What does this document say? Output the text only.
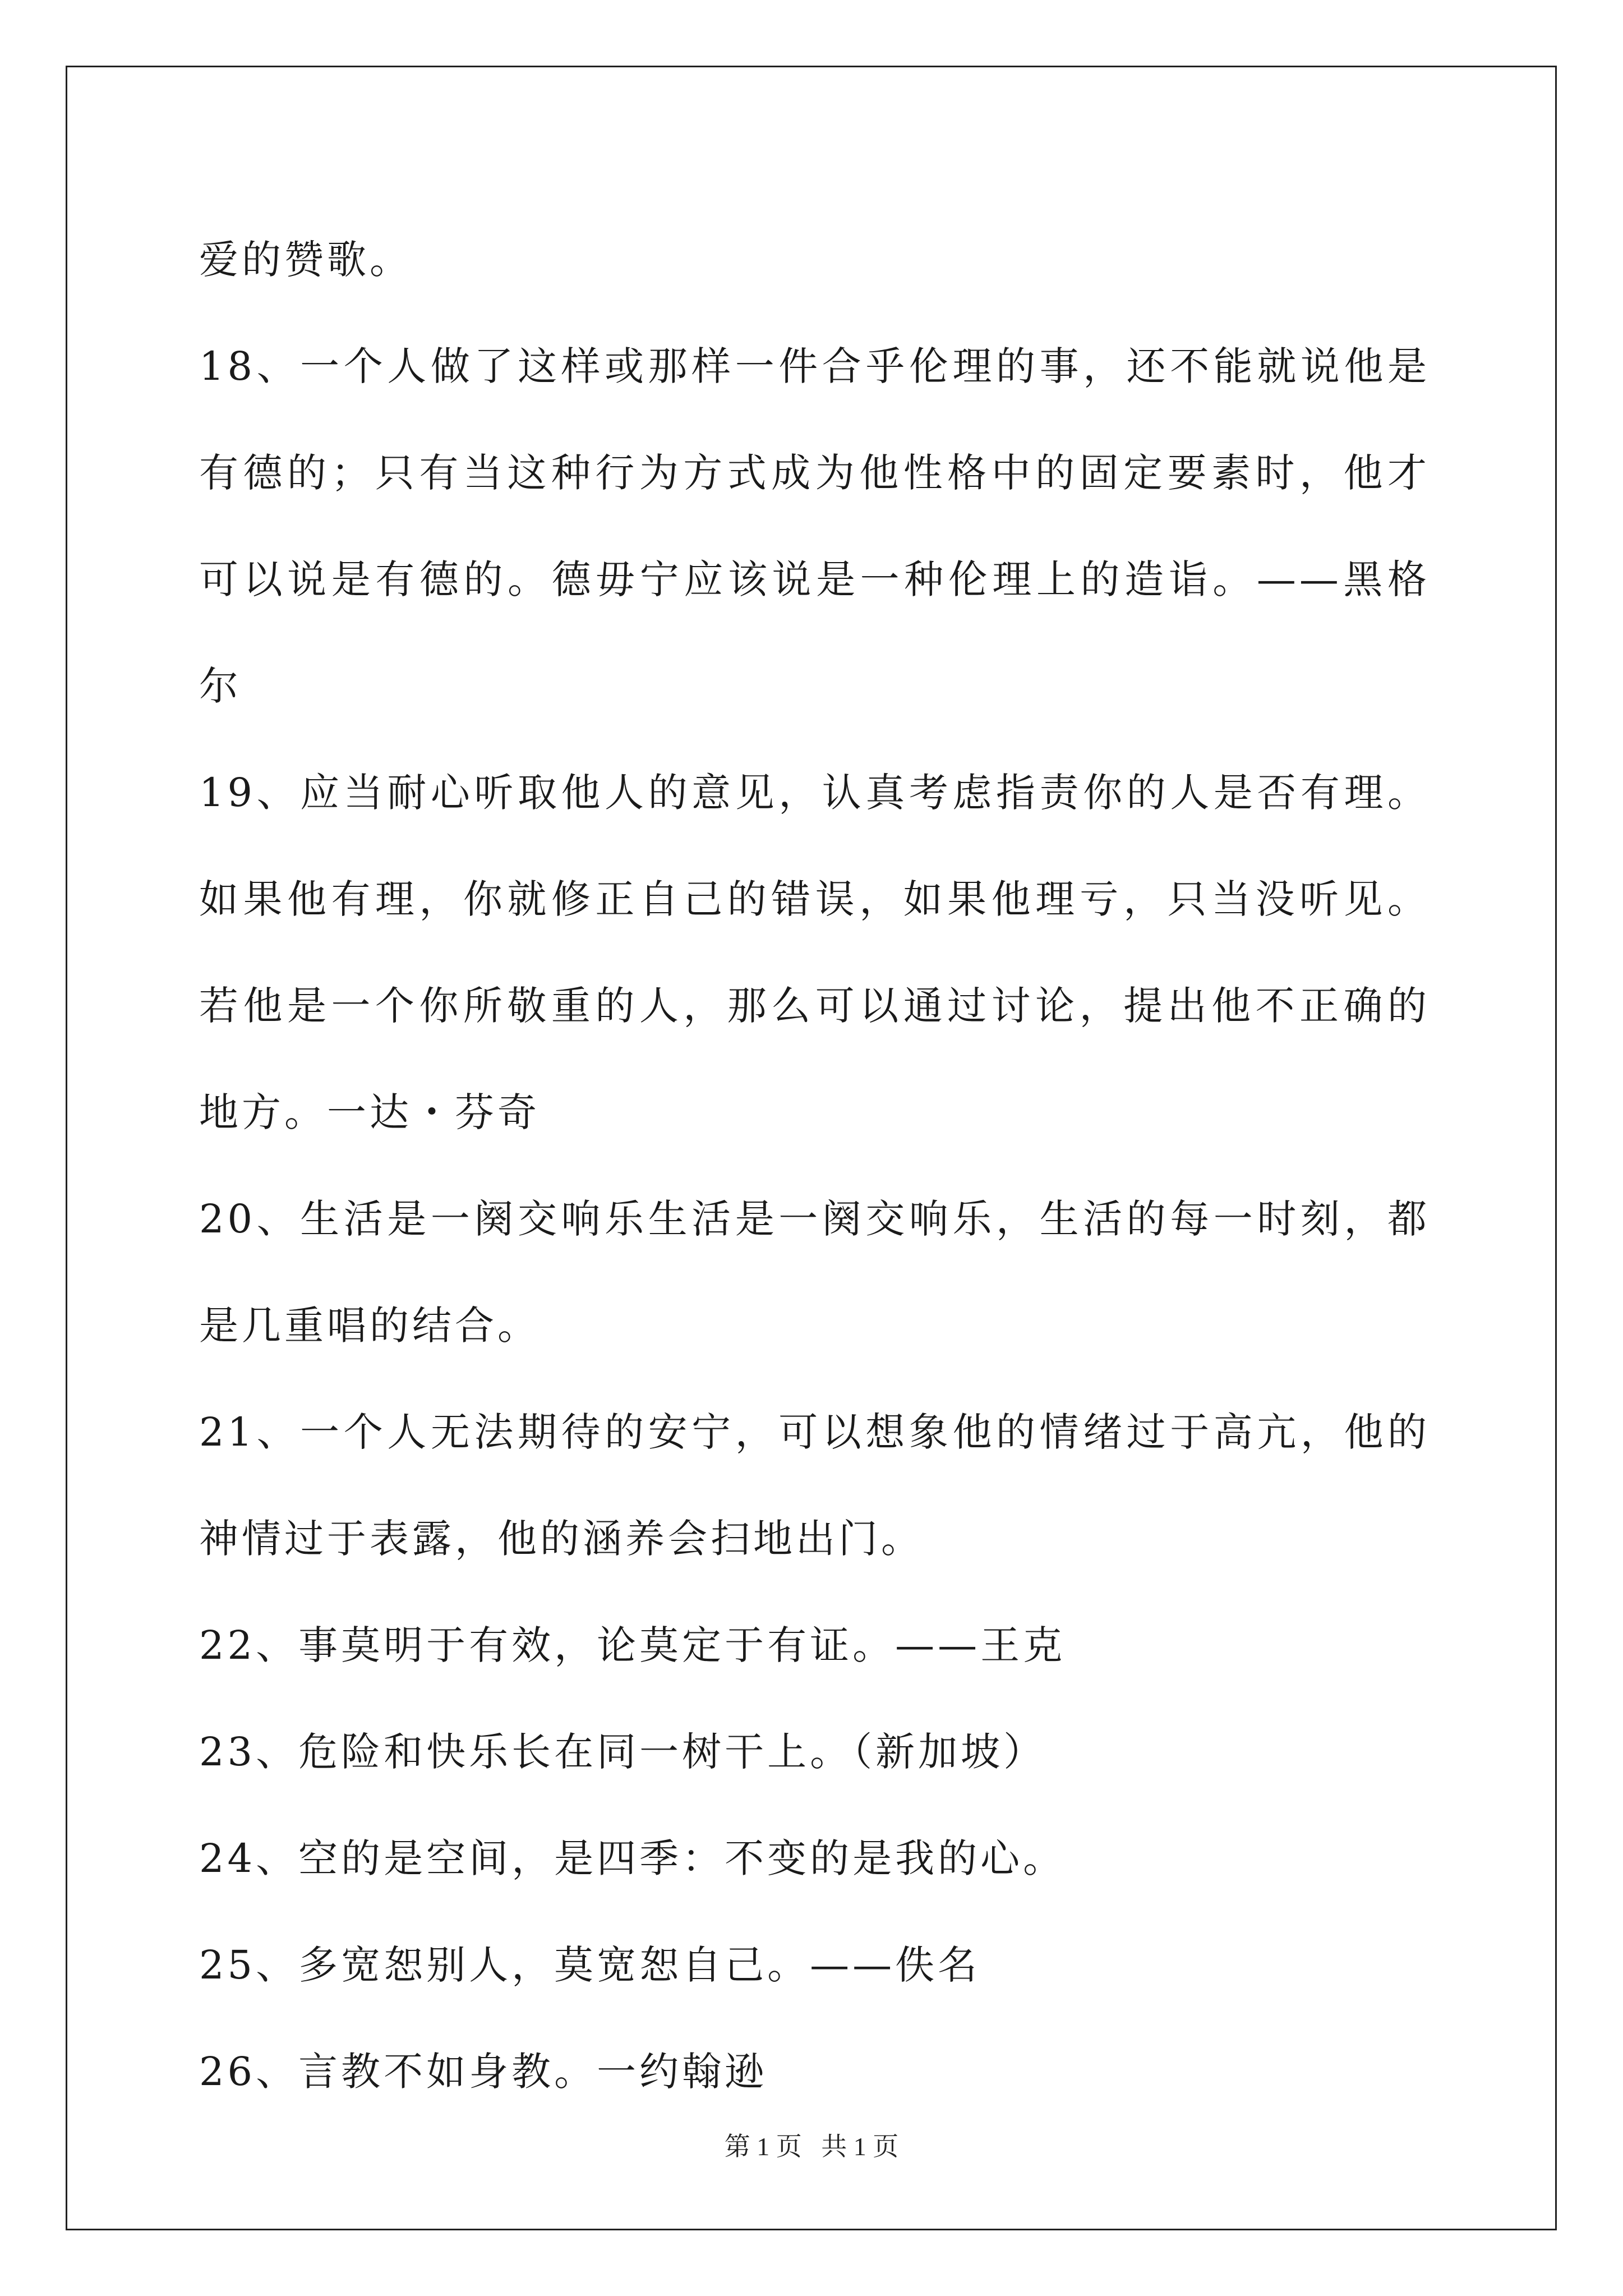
爱的赞歌。

18、一个人做了这样或那样一件合乎伦理的事，还不能就说他是有德的；只有当这种行为方式成为他性格中的固定要素时，他才可以说是有德的。德毋宁应该说是一种伦理上的造诣。——黑格尔

19、应当耐心听取他人的意见，认真考虑指责你的人是否有理。如果他有理，你就修正自己的错误，如果他理亏，只当没听见。若他是一个你所敬重的人，那么可以通过讨论，提出他不正确的地方。一达・芬奇

20、生活是一阕交响乐生活是一阕交响乐，生活的每一时刻，都是几重唱的结合。

21、一个人无法期待的安宁，可以想象他的情绪过于高亢，他的神情过于表露，他的涵养会扫地出门。

22、事莫明于有效，论莫定于有证。——王克

23、危险和快乐长在同一树干上。（新加坡）

24、空的是空间，是四季：不变的是我的心。

25、多宽恕别人，莫宽恕自己。——佚名

26、言教不如身教。一约翰逊

第 1 页 共 1 页
